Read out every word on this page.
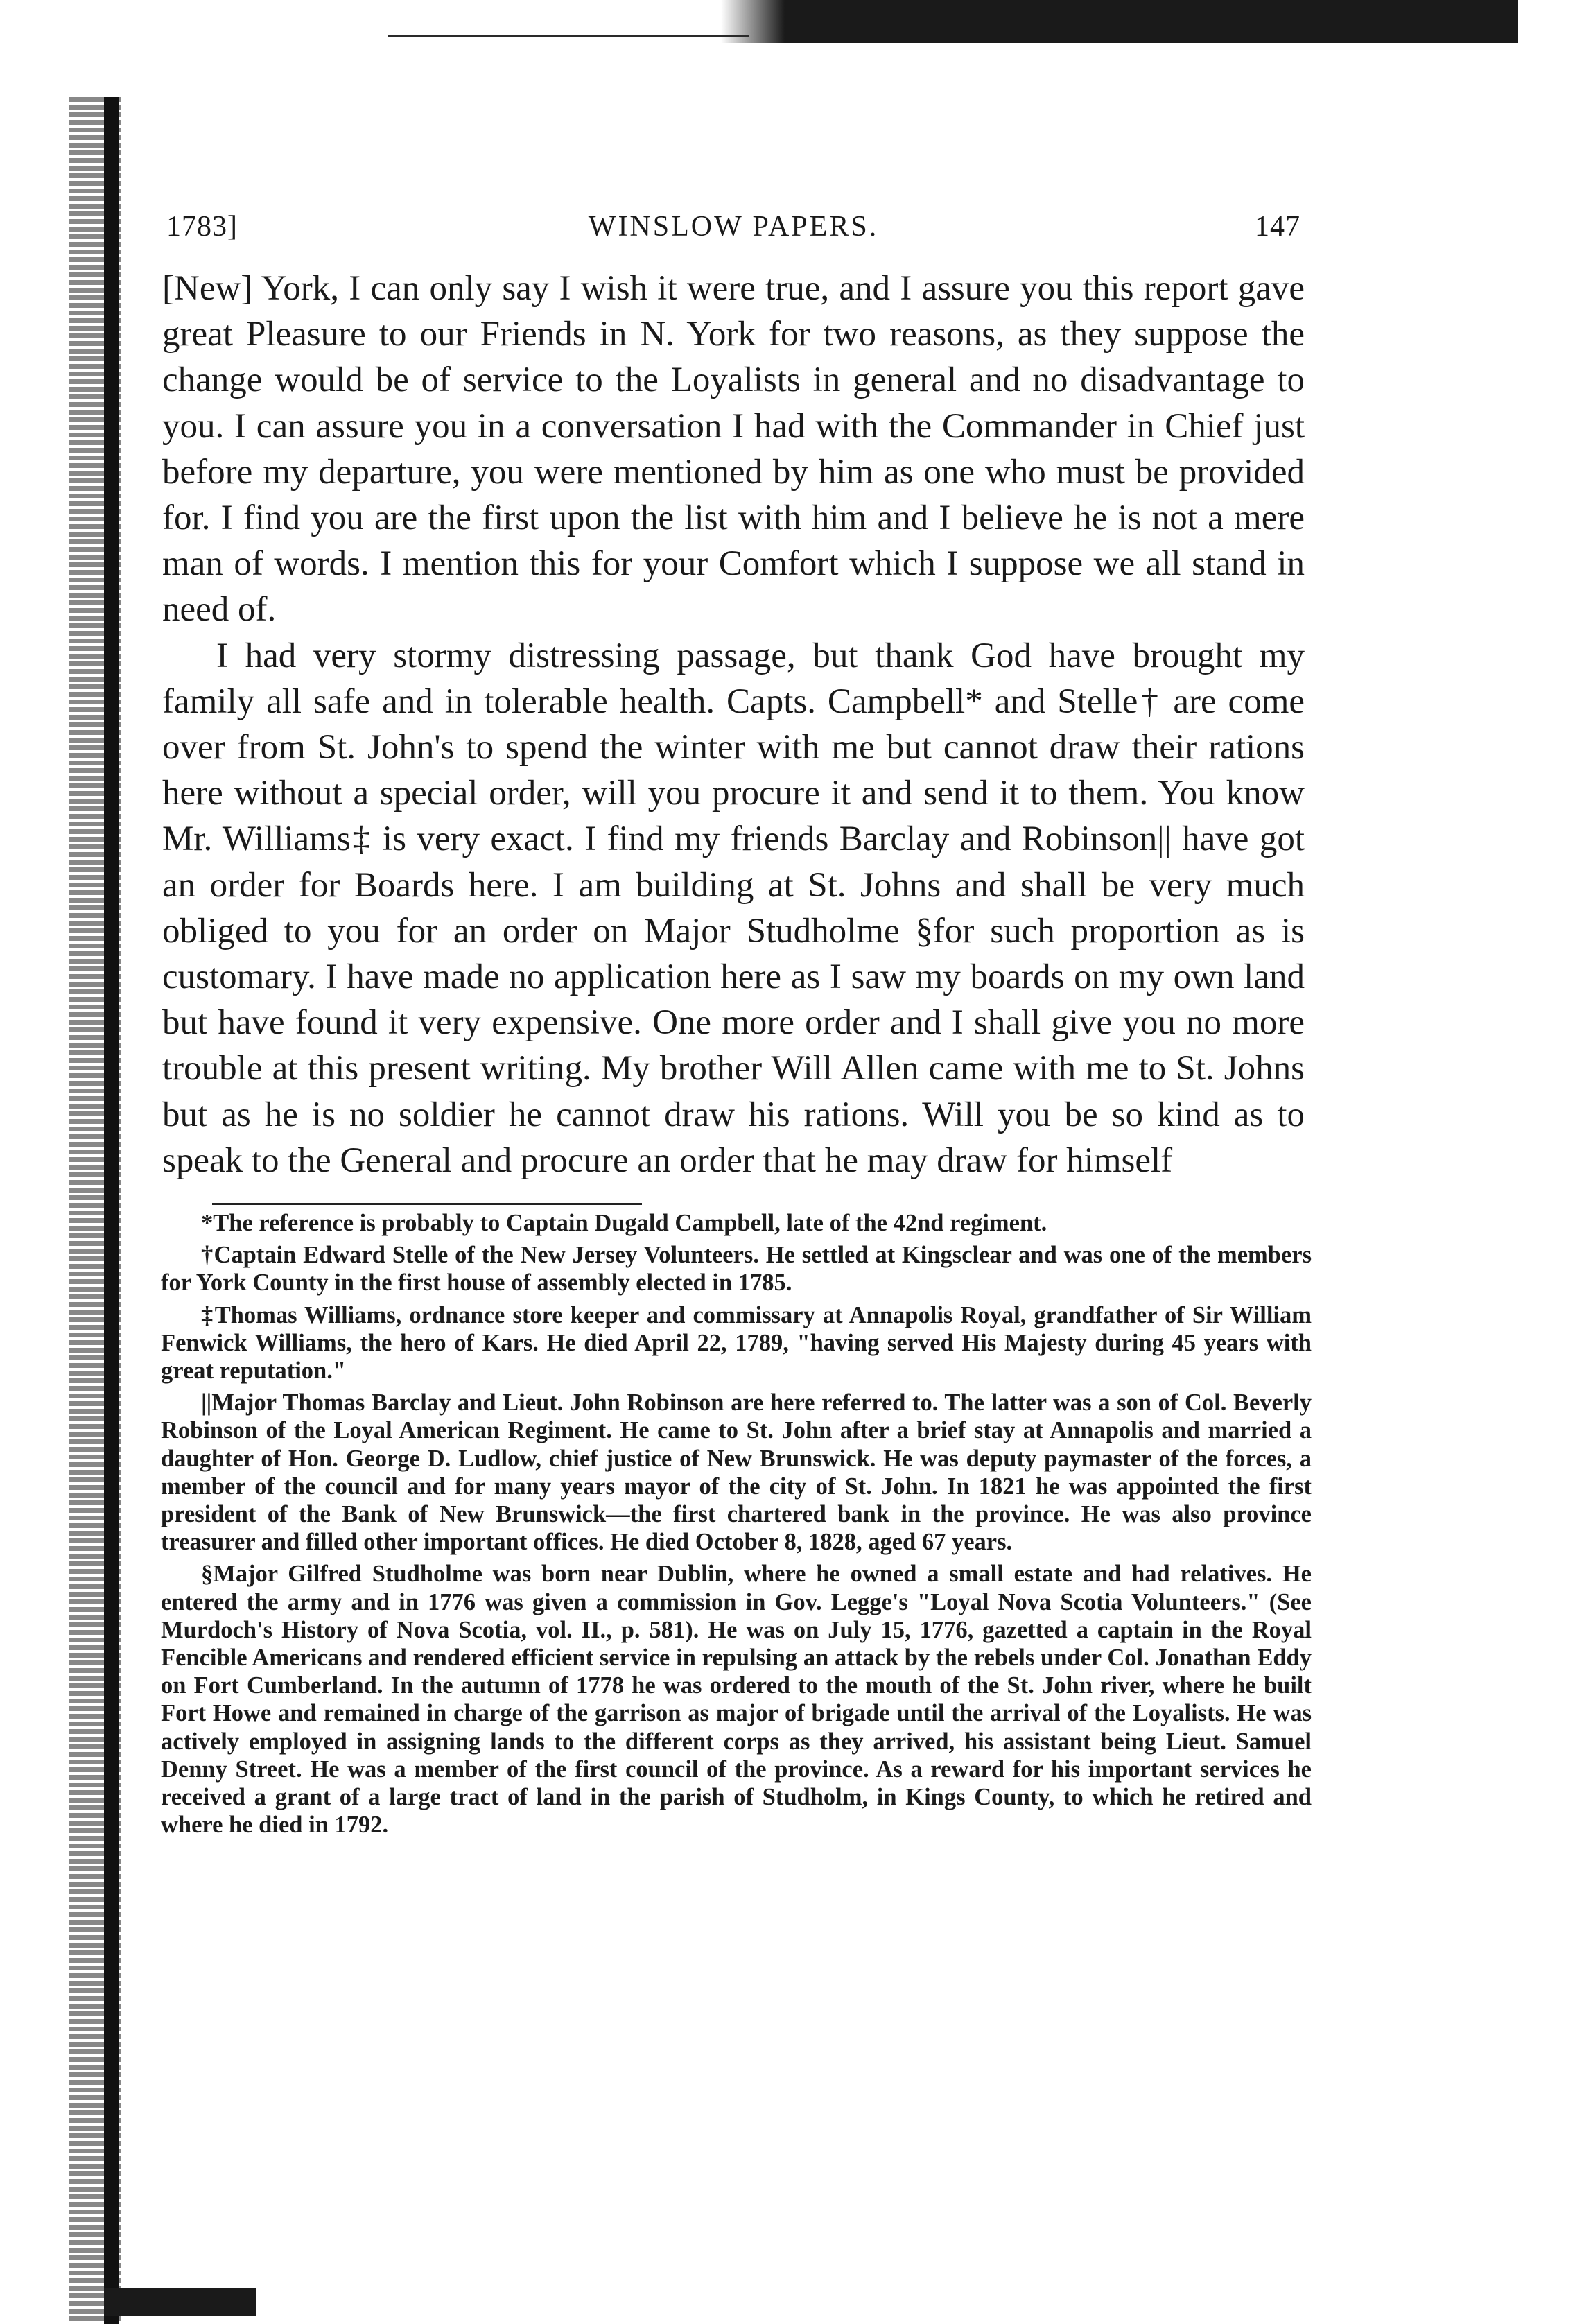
1783]	WINSLOW PAPERS.	147

[New] York, I can only say I wish it were true, and I assure you this report gave great Pleasure to our Friends in N. York for two reasons, as they suppose the change would be of service to the Loyalists in general and no disadvantage to you. I can assure you in a conversation I had with the Commander in Chief just before my departure, you were mentioned by him as one who must be provided for. I find you are the first upon the list with him and I believe he is not a mere man of words. I mention this for your Comfort which I suppose we all stand in need of.

I had very stormy distressing passage, but thank God have brought my family all safe and in tolerable health. Capts. Campbell* and Stelle† are come over from St. John's to spend the winter with me but cannot draw their rations here without a special order, will you procure it and send it to them. You know Mr. Williams‡ is very exact. I find my friends Barclay and Robinson|| have got an order for Boards here. I am building at St. Johns and shall be very much obliged to you for an order on Major Studholme §for such proportion as is customary. I have made no application here as I saw my boards on my own land but have found it very expensive. One more order and I shall give you no more trouble at this present writing. My brother Will Allen came with me to St. Johns but as he is no soldier he cannot draw his rations. Will you be so kind as to speak to the General and procure an order that he may draw for himself

*The reference is probably to Captain Dugald Campbell, late of the 42nd regiment.

†Captain Edward Stelle of the New Jersey Volunteers. He settled at Kingsclear and was one of the members for York County in the first house of assembly elected in 1785.

‡Thomas Williams, ordnance store keeper and commissary at Annapolis Royal, grandfather of Sir William Fenwick Williams, the hero of Kars. He died April 22, 1789, "having served His Majesty during 45 years with great reputation."

||Major Thomas Barclay and Lieut. John Robinson are here referred to. The latter was a son of Col. Beverly Robinson of the Loyal American Regiment. He came to St. John after a brief stay at Annapolis and married a daughter of Hon. George D. Ludlow, chief justice of New Brunswick. He was deputy paymaster of the forces, a member of the council and for many years mayor of the city of St. John. In 1821 he was appointed the first president of the Bank of New Brunswick—the first chartered bank in the province. He was also province treasurer and filled other important offices. He died October 8, 1828, aged 67 years.

§Major Gilfred Studholme was born near Dublin, where he owned a small estate and had relatives. He entered the army and in 1776 was given a commission in Gov. Legge's "Loyal Nova Scotia Volunteers." (See Murdoch's History of Nova Scotia, vol. II., p. 581). He was on July 15, 1776, gazetted a captain in the Royal Fencible Americans and rendered efficient service in repulsing an attack by the rebels under Col. Jonathan Eddy on Fort Cumberland. In the autumn of 1778 he was ordered to the mouth of the St. John river, where he built Fort Howe and remained in charge of the garrison as major of brigade until the arrival of the Loyalists. He was actively employed in assigning lands to the different corps as they arrived, his assistant being Lieut. Samuel Denny Street. He was a member of the first council of the province. As a reward for his important services he received a grant of a large tract of land in the parish of Studholm, in Kings County, to which he retired and where he died in 1792.
